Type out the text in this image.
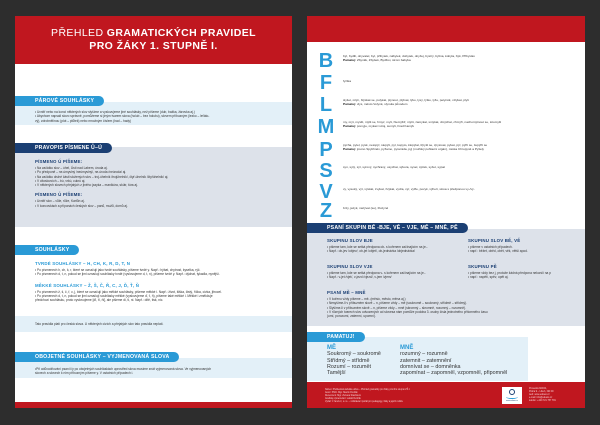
PŘEHLED GRAMATICKÝCH PRAVIDEL
PRO ŽÁKY 1. STUPNĚ I.
PÁROVÉ SOUHLÁSKY
• Uvnitř nebo na konci některých slov slyšíme a vyslovujeme jiné souhlásky, než píšeme (dub, bažka, žárovka aj.)
• Abychom napsali slovo správně, pomůžeme si jiným tvarem slova (holub – bez holubu), slovem příbuzným (lezko – leťáto-
vý), zdrobnělinou (plot – plůtek) nebo množným číslem (had – hady)
PRAVOPIS PÍSMENE Ů–Ú
PÍSMENO Ú PÍŠEME:
• Na začátku slov – úhel, Ústí nad Labem, úroda aj.
• Po předponě – ne-úmyslný /neúmyslný/, ne-úroda /neúroda/ aj.
• Na začátku druhé části složených slov – troj-úhelník /trojúhelník/, čtyř-úhelník /čtyřúhelník/ aj.
• V citoslovcích – bú, vrkú, cukrú aj.
• V některých slovech přejatých z jiného jazyka – manikúra, skútr, túra aj.
PÍSMENO Ů PÍŠEME:
• Uvnitř slov – vůle, růže, Kartůn aj.
• V koncovkách a příponách českých slov – panů, mužů, domů aj.
SOUHLÁSKY
TVRDÉ SOUHLÁSKY – H, CH, K, R, D, T, N
• Po písmenech h, ch, k, r, které se označují jako tvrdé souhlásky, píšeme tvrdé y. Např.: hýbat, chytrost, kyselka, rýč.
• Po písmenech d, t, n, pokud se jimi označují souhlásky tvrdé (vyslovujeme d, t, n), píšeme tvrdé y. Např.: dýchat, tykadla, nynější.
MĚKKÉ SOUHLÁSKY – Ž, Š, Č, Ř, C, J, Ď, Ť, Ň
• Po písmenech ž, š, č, ř, c, j, které se označují jako měkké souhlásky, píšeme měkké i. Např.: život, šiška, čistý, říčka, cívka, jitrocel.
• Po písmenech d, t, n, pokud se jimi označují souhlásky měkké (vyslovujeme ď, ť, ň), píšeme také měkké i. Měkké i změkčuje
předchozí souhlásku, proto vyslovujeme [ďi, ťi, ňi], ale píšeme di, ti, ni. Např.: dítě, tisk, nic.
Tato pravidla platí pro česká slova. U některých cizích a přejatých slov tato pravidla neplatí.
OBOJETNÉ SOUHLÁSKY – VYJMENOVANÁ SLOVA
•Při odůvodňování psaní i/y po obojetných souhláskách uprostřed slova musíme znát vyjmenovaná slova. Ve vyjmenovaných
slovech a slovech k nim příbuzným píšeme y. V ostatních případech i.
B	být, bydlit, obyvatel, byt, příbytek, nábytek, dobytek, obyčej, bystrý, bylina, kobyla, býk, Přibyslav
Pamatuj: Zbyněk, Zbyšek, Bydžov, strom babyka
F	fyzika
L	slyšet, mlýn, blýskat se, polykat, plynout, plýtvat, lýko, lysý, lýtko, lyže, pelyněk, vzlykat, plyš
Pamatuj: vlys, město Volyně, slynula původem
M	my, mýt, myslit, mýlit se, hmyz, myš, hlemýžď, mýtit, zamykat, smýkat, dmýchat, chmýří, nachomýtnout se, Litomyšl
Pamatuj: pomyje, mykací stroj, sumýš, hrad Kamýk
P	pýcha, pytel, pysk, netopýr, slepýš, pyl, kopyto, klopýtat, třpytit se, zpytovat, pykat, pýr, pýřit se, čepýřit se
Pamatuj: jméno Spytihněv, pyžamo, pyramida, pyj (mužský pohlavní orgán), města Chropyně a Pyšely
S	syn, sytý, sýr, syrový, sychravý, usychat, sýkora, sysel, sýček, syčet, sypat
V	vy, vysoký, výt, výskat, zvykat, žvýkat, vydra, výr, vyžle, povyk, výheň, slova s předponou vy-/vý-
Z	brzy, jazyk, nazývat (se), Ruzyně
PSANÍ SKUPIN BĚ -BJE, VĚ – VJE, MĚ – MNĚ, PĚ
SKUPINU SLOV BJE
• píšeme tam, kde se setká předpona ob- s kořenem začínajícím na je-.
• Např.: ob-jev /objev/, ob-jet /objet/, ob-jednávka /objednávka/
SKUPINU SLOV BĚ, VĚ
• píšeme v ostatních případech.
• např.: běžet, oběd, obět, věk, větší apod.
SKUPINU SLOV VJE
• píšeme tam, kde se setká předpona v- s kořenem začínajícím na je-.
• Např.: v-jet /vjet/, v-jezd /vjezd/, v-jem /vjem/
SKUPINU PĚ
• píšeme vždy bez j, protože žádná předpona nekončí na p
• např.: napětí, spěv, opět aj.
PSANÍ MĚ – MNĚ
• V kořenu vždy píšeme – mě- (měsíc, město, měna aj.)
• Nesyšíme-li v příbuzném slově – n, píšeme vždy – mě (soukromě – soukromý, střídmě – střídmý).
• Slyšíme-li v příbuzném slově – n, píšeme vždy – mně (skromný – skromně, rozumný – rozumně).
• V různých tvarech slov odvozených od slovesa nám pomůže podoba 3. osoby čísla jednotného přítomného času
(umí, porozumí, zatemní, upomní).
MĚ
Soukromý – soukromě
Střídmý – střídmě
Rozumí – rozumět
Tamější
MNĚ
rozumný – rozumně
zatemnit – zatemnění
domnívat se – domněnka
zapomínat – zapomněl, vzpomněl, připomněl
PAMATUJ!
Název: Přehledová tabulka učiva – Přehled gramatiky pro žáky prvního stupně ZŠ I.
Autor: PhDr. Mgr. Martin Dvořák
Recenzent: Mgr. Zuzana Slavíková
Grafické zpracování: Lukáš Dvořák
Vydal: © fand.cz, s.r.o. – vzdělávací portál pro pedagogy, žáky a jejich rodiče	www.eduwo.cz
Prosecká 824/24,
Praha 9 – Libeň, 190 00
web: www.eduwo.cz
e-mail: info@eduwo.cz
telefon: +420 721 757 781
